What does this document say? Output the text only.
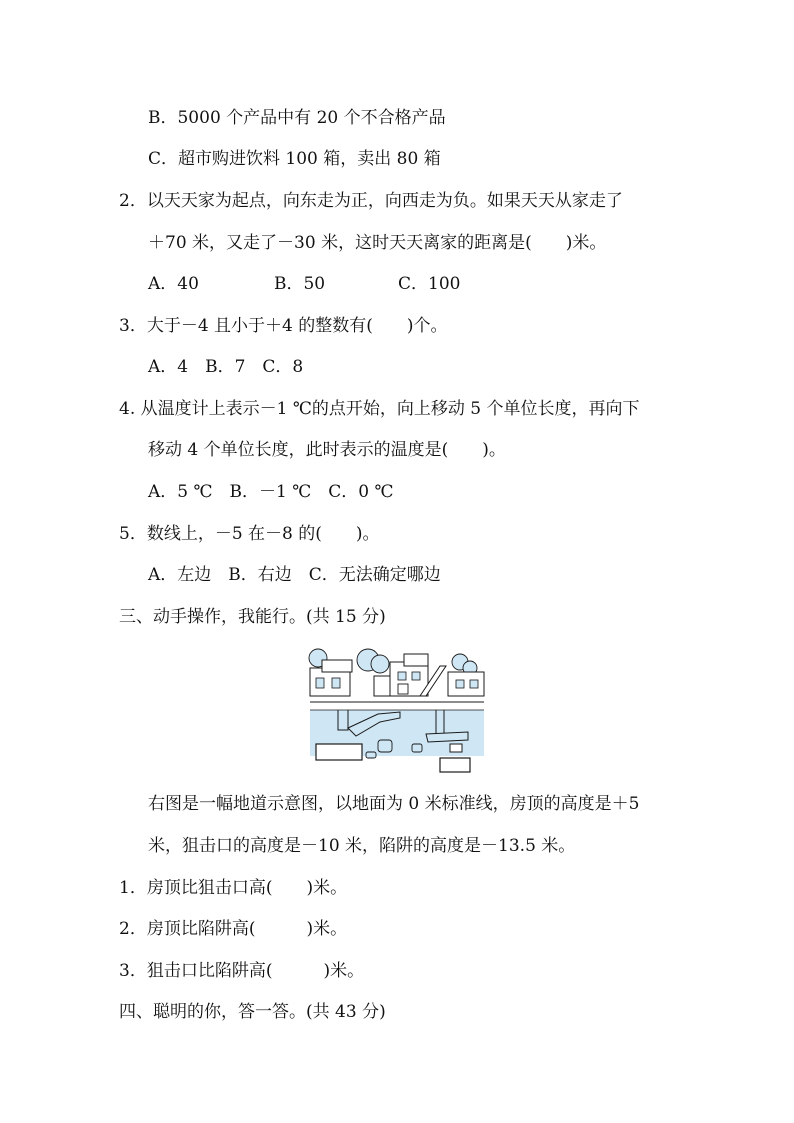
B．5000 个产品中有 20 个不合格产品
C．超市购进饮料 100 箱，卖出 80 箱
2．以天天家为起点，向东走为正，向西走为负。如果天天从家走了
＋70 米，又走了－30 米，这时天天离家的距离是(　　)米。
A．40	B．50	C．100
3．大于－4 且小于＋4 的整数有(　　)个。
A．4　B．7　C．8
4. 从温度计上表示－1 ℃的点开始，向上移动 5 个单位长度，再向下
移动 4 个单位长度，此时表示的温度是(　　)。
A．5 ℃　B．－1 ℃　C．0 ℃
5．数线上，－5 在－8 的(　　)。
A．左边　B．右边　C．无法确定哪边
三、动手操作，我能行。(共 15 分)
右图是一幅地道示意图，以地面为 0 米标准线，房顶的高度是＋5
米，狙击口的高度是－10 米，陷阱的高度是－13.5 米。
1．房顶比狙击口高(　　)米。
2．房顶比陷阱高(　　　)米。
3．狙击口比陷阱高(　　　)米。
四、聪明的你，答一答。(共 43 分)
